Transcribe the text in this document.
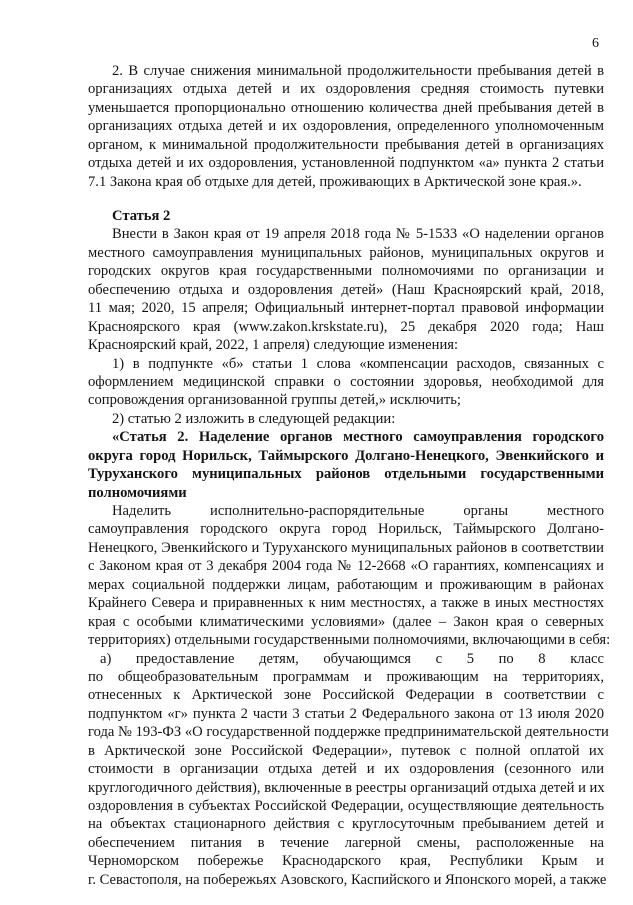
6
2. В случае снижения минимальной продолжительности пребывания детей в
организациях отдыха детей и их оздоровления средняя стоимость путевки
уменьшается пропорционально отношению количества дней пребывания детей в
организациях отдыха детей и их оздоровления, определенного уполномоченным
органом, к минимальной продолжительности пребывания детей в организациях
отдыха детей и их оздоровления, установленной подпунктом «а» пункта 2 статьи
7.1 Закона края об отдыхе для детей, проживающих в Арктической зоне края.».
Статья 2
Внести в Закон края от 19 апреля 2018 года № 5-1533 «О наделении органов
местного самоуправления муниципальных районов, муниципальных округов и
городских округов края государственными полномочиями по организации и
обеспечению отдыха и оздоровления детей» (Наш Красноярский край, 2018,
11 мая; 2020, 15 апреля; Официальный интернет-портал правовой информации
Красноярского края (www.zakon.krskstate.ru), 25 декабря 2020 года; Наш
Красноярский край, 2022, 1 апреля) следующие изменения:
1) в подпункте «б» статьи 1 слова «компенсации расходов, связанных с
оформлением медицинской справки о состоянии здоровья, необходимой для
сопровождения организованной группы детей,» исключить;
2) статью 2 изложить в следующей редакции:
«Статья 2. Наделение органов местного самоуправления городского
округа город Норильск, Таймырского Долгано-Ненецкого, Эвенкийского и
Туруханского муниципальных районов отдельными государственными
полномочиями
Наделить исполнительно-распорядительные органы местного
самоуправления городского округа город Норильск, Таймырского Долгано-
Ненецкого, Эвенкийского и Туруханского муниципальных районов в соответствии
с Законом края от 3 декабря 2004 года № 12-2668 «О гарантиях, компенсациях и
мерах социальной поддержки лицам, работающим и проживающим в районах
Крайнего Севера и приравненных к ним местностях, а также в иных местностях
края с особыми климатическими условиями» (далее – Закон края о северных
территориях) отдельными государственными полномочиями, включающими в себя:
а) предоставление детям, обучающимся с 5 по 8 класс
по общеобразовательным программам и проживающим на территориях,
отнесенных к Арктической зоне Российской Федерации в соответствии с
подпунктом «г» пункта 2 части 3 статьи 2 Федерального закона от 13 июля 2020
года № 193-ФЗ «О государственной поддержке предпринимательской деятельности
в Арктической зоне Российской Федерации», путевок с полной оплатой их
стоимости в организации отдыха детей и их оздоровления (сезонного или
круглогодичного действия), включенные в реестры организаций отдыха детей и их
оздоровления в субъектах Российской Федерации, осуществляющие деятельность
на объектах стационарного действия с круглосуточным пребыванием детей и
обеспечением питания в течение лагерной смены, расположенные на
Черноморском побережье Краснодарского края, Республики Крым и
г. Севастополя, на побережьях Азовского, Каспийского и Японского морей, а также
